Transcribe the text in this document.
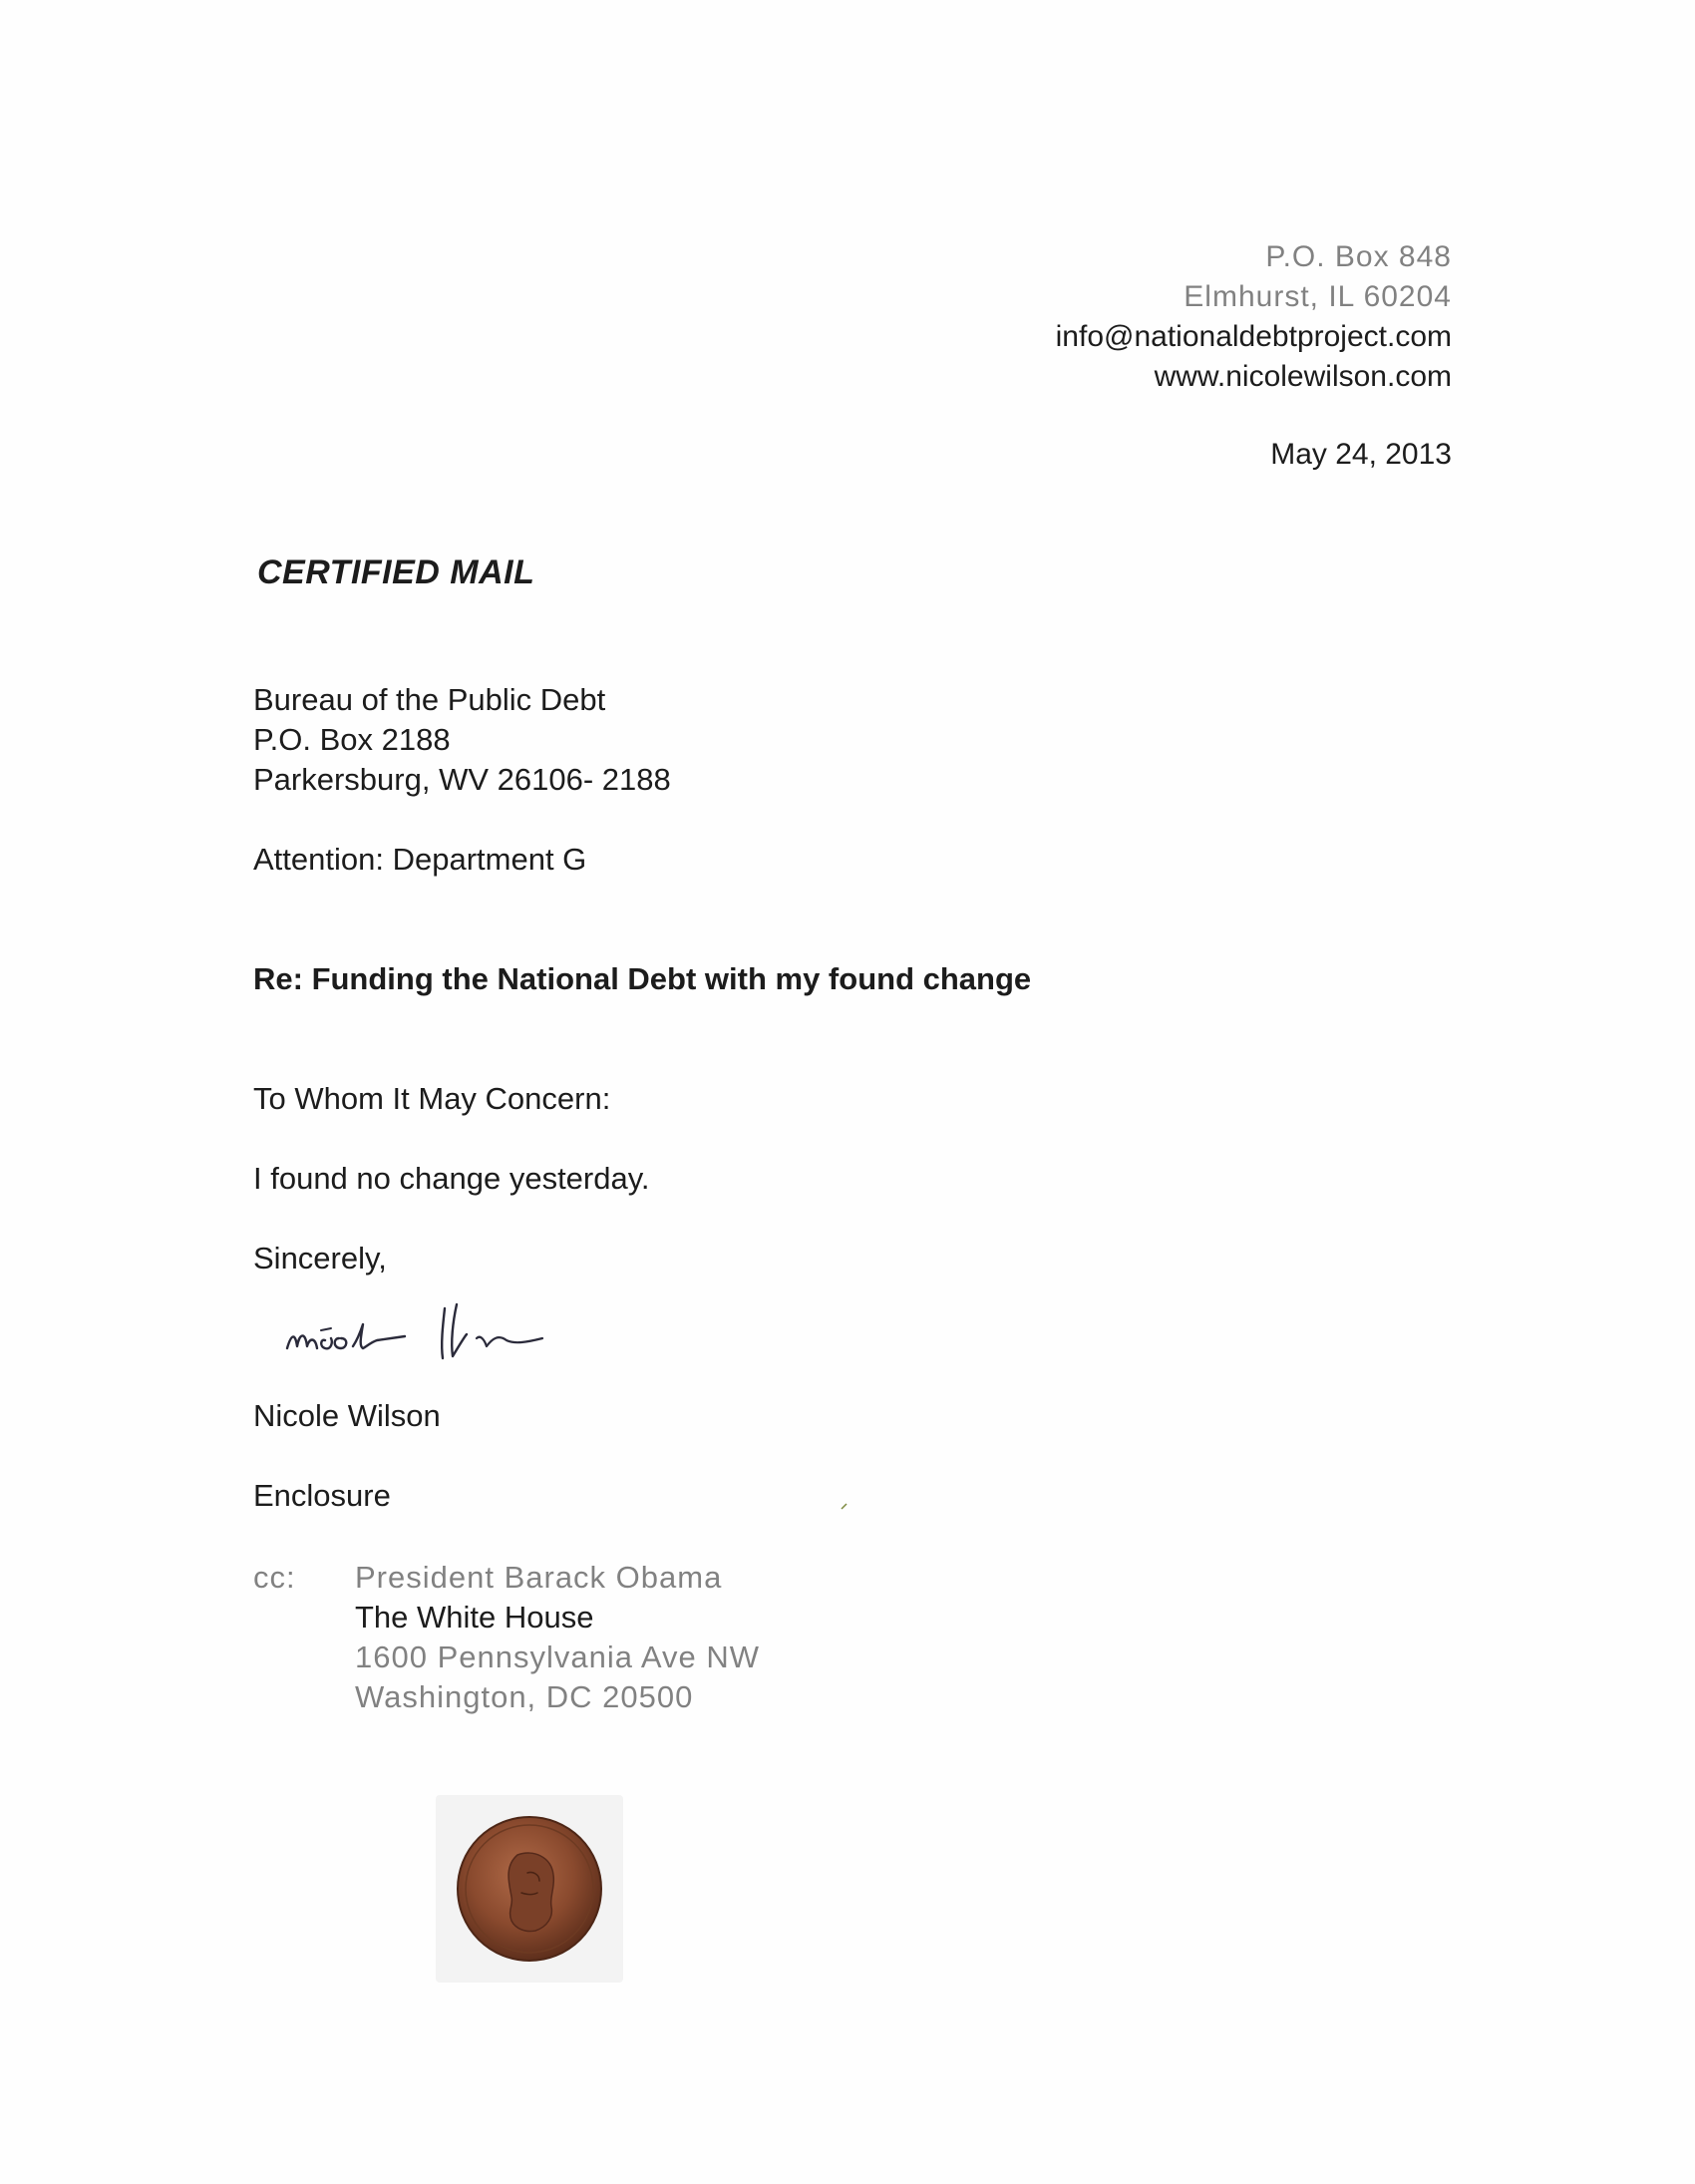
P.O. Box 848
Elmhurst, IL 60204
info@nationaldebtproject.com
www.nicolewilson.com
May 24, 2013
CERTIFIED MAIL
Bureau of the Public Debt
P.O. Box 2188
Parkersburg, WV 26106- 2188
Attention: Department G
Re: Funding the National Debt with my found change
To Whom It May Concern:
I found no change yesterday.
Sincerely,
Nicole Wilson
Enclosure
cc: President Barack Obama
The White House
1600 Pennsylvania Ave NW
Washington, DC 20500
